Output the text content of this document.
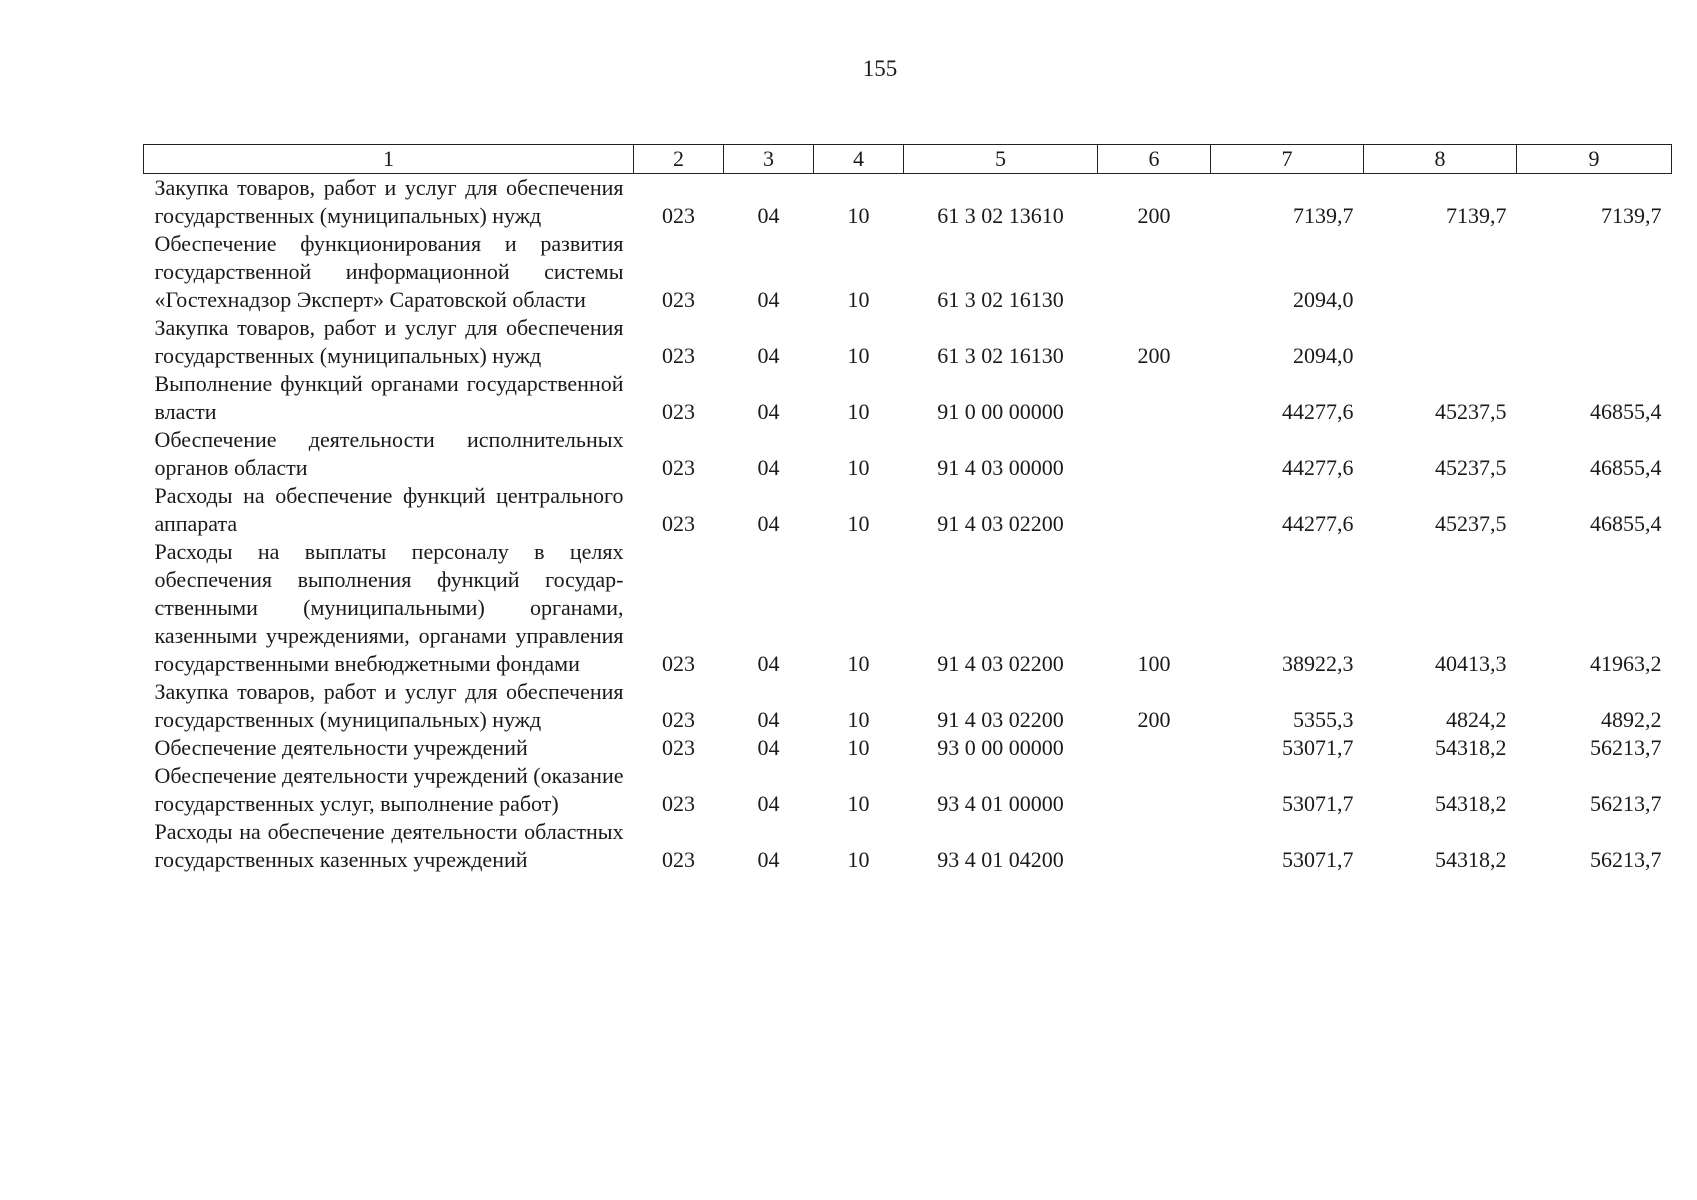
155
1	2	3	4	5	6	7	8	9
Закупка товаров, работ и услуг для обеспечения государственных (муниципальных) нужд	023	04	10	61 3 02 13610	200	7139,7	7139,7	7139,7
Обеспечение функционирования и развития государственной информационной системы «Гостехнадзор Эксперт» Саратовской области	023	04	10	61 3 02 16130		2094,0		
Закупка товаров, работ и услуг для обеспечения государственных (муниципальных) нужд	023	04	10	61 3 02 16130	200	2094,0		
Выполнение функций органами государственной власти	023	04	10	91 0 00 00000		44277,6	45237,5	46855,4
Обеспечение деятельности исполнительных органов области	023	04	10	91 4 03 00000		44277,6	45237,5	46855,4
Расходы на обеспечение функций центрального аппарата	023	04	10	91 4 03 02200		44277,6	45237,5	46855,4
Расходы на выплаты персоналу в целях обеспечения выполнения функций государственными (муниципальными) органами, казенными учреждениями, органами управления государственными внебюджетными фондами	023	04	10	91 4 03 02200	100	38922,3	40413,3	41963,2
Закупка товаров, работ и услуг для обеспечения государственных (муниципальных) нужд	023	04	10	91 4 03 02200	200	5355,3	4824,2	4892,2
Обеспечение деятельности учреждений	023	04	10	93 0 00 00000		53071,7	54318,2	56213,7
Обеспечение деятельности учреждений (оказание государственных услуг, выполнение работ)	023	04	10	93 4 01 00000		53071,7	54318,2	56213,7
Расходы на обеспечение деятельности областных государственных казенных учреждений	023	04	10	93 4 01 04200		53071,7	54318,2	56213,7
